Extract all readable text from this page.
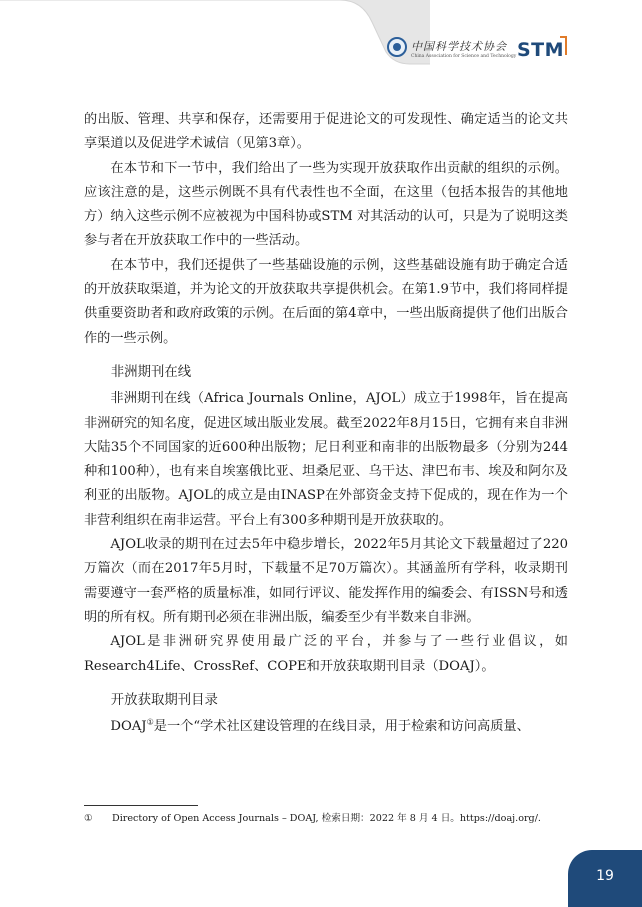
中国科学技术协会
China Association for Science and Technology STM

的出版、管理、共享和保存，还需要用于促进论文的可发现性、确定适当的论文共享渠道以及促进学术诚信（见第3章）。

在本节和下一节中，我们给出了一些为实现开放获取作出贡献的组织的示例。应该注意的是，这些示例既不具有代表性也不全面，在这里（包括本报告的其他地方）纳入这些示例不应被视为中国科协或STM 对其活动的认可，只是为了说明这类参与者在开放获取工作中的一些活动。

在本节中，我们还提供了一些基础设施的示例，这些基础设施有助于确定合适的开放获取渠道，并为论文的开放获取共享提供机会。在第1.9节中，我们将同样提供重要资助者和政府政策的示例。在后面的第4章中，一些出版商提供了他们出版合作的一些示例。

非洲期刊在线

非洲期刊在线（Africa Journals Online，AJOL）成立于1998年，旨在提高非洲研究的知名度，促进区域出版业发展。截至2022年8月15日，它拥有来自非洲大陆35个不同国家的近600种出版物；尼日利亚和南非的出版物最多（分别为244种和100种），也有来自埃塞俄比亚、坦桑尼亚、乌干达、津巴布韦、埃及和阿尔及利亚的出版物。AJOL的成立是由INASP在外部资金支持下促成的，现在作为一个非营利组织在南非运营。平台上有300多种期刊是开放获取的。

AJOL收录的期刊在过去5年中稳步增长，2022年5月其论文下载量超过了220万篇次（而在2017年5月时，下载量不足70万篇次）。其涵盖所有学科，收录期刊需要遵守一套严格的质量标准，如同行评议、能发挥作用的编委会、有ISSN号和透明的所有权。所有期刊必须在非洲出版，编委至少有半数来自非洲。

AJOL是非洲研究界使用最广泛的平台，并参与了一些行业倡议，如Research4Life、CrossRef、COPE和开放获取期刊目录（DOAJ）。

开放获取期刊目录

DOAJ①是一个“学术社区建设管理的在线目录，用于检索和访问高质量、

① Directory of Open Access Journals – DOAJ, 检索日期：2022 年 8 月 4 日。https://doaj.org/.
19
